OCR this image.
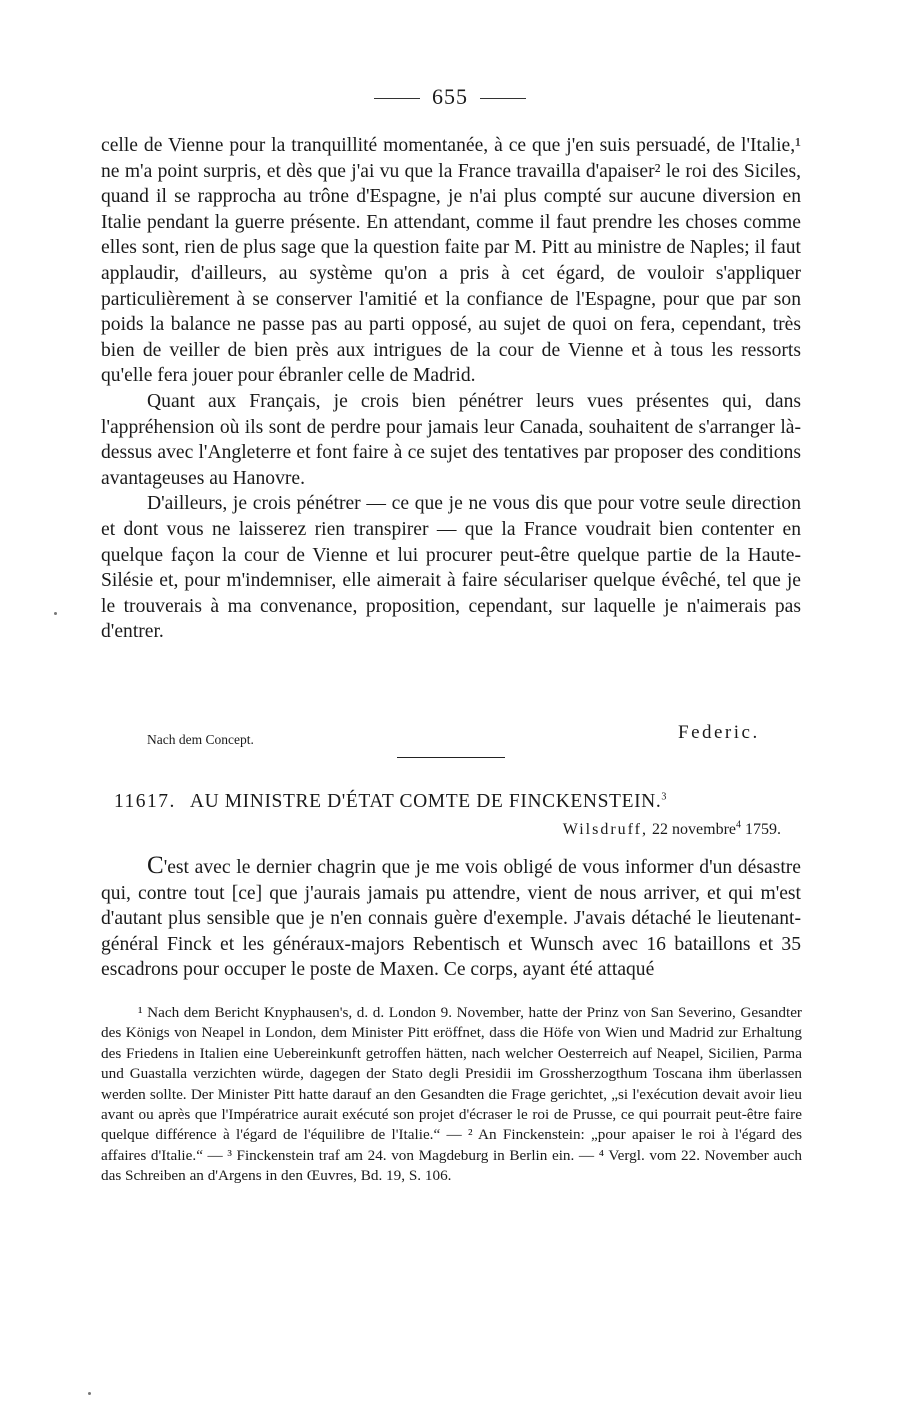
655

celle de Vienne pour la tranquillité momentanée, à ce que j'en suis persuadé, de l'Italie,¹ ne m'a point surpris, et dès que j'ai vu que la France travailla d'apaiser² le roi des Siciles, quand il se rapprocha au trône d'Espagne, je n'ai plus compté sur aucune diversion en Italie pendant la guerre présente. En attendant, comme il faut prendre les choses comme elles sont, rien de plus sage que la question faite par M. Pitt au ministre de Naples; il faut applaudir, d'ailleurs, au système qu'on a pris à cet égard, de vouloir s'appliquer particulièrement à se conserver l'amitié et la confiance de l'Espagne, pour que par son poids la balance ne passe pas au parti opposé, au sujet de quoi on fera, cependant, très bien de veiller de bien près aux intrigues de la cour de Vienne et à tous les ressorts qu'elle fera jouer pour ébranler celle de Madrid.

Quant aux Français, je crois bien pénétrer leurs vues présentes qui, dans l'appréhension où ils sont de perdre pour jamais leur Canada, souhaitent de s'arranger là-dessus avec l'Angleterre et font faire à ce sujet des tentatives par proposer des conditions avantageuses au Hanovre.

D'ailleurs, je crois pénétrer — ce que je ne vous dis que pour votre seule direction et dont vous ne laisserez rien transpirer — que la France voudrait bien contenter en quelque façon la cour de Vienne et lui procurer peut-être quelque partie de la Haute-Silésie et, pour m'indemniser, elle aimerait à faire séculariser quelque évêché, tel que je le trouverais à ma convenance, proposition, cependant, sur laquelle je n'aimerais pas d'entrer.

Nach dem Concept.	Federic.
11617. AU MINISTRE D'ÉTAT COMTE DE FINCKENSTEIN.$^3$
Wilsdruff, 22 novembre$^4$ 1759.

C'est avec le dernier chagrin que je me vois obligé de vous informer d'un désastre qui, contre tout [ce] que j'aurais jamais pu attendre, vient de nous arriver, et qui m'est d'autant plus sensible que je n'en connais guère d'exemple. J'avais détaché le lieutenant-général Finck et les généraux-majors Rebentisch et Wunsch avec 16 bataillons et 35 escadrons pour occuper le poste de Maxen. Ce corps, ayant été attaqué

¹ Nach dem Bericht Knyphausen's, d. d. London 9. November, hatte der Prinz von San Severino, Gesandter des Königs von Neapel in London, dem Minister Pitt eröffnet, dass die Höfe von Wien und Madrid zur Erhaltung des Friedens in Italien eine Uebereinkunft getroffen hätten, nach welcher Oesterreich auf Neapel, Sicilien, Parma und Guastalla verzichten würde, dagegen der Stato degli Presidii im Grossherzogthum Toscana ihm überlassen werden sollte. Der Minister Pitt hatte darauf an den Gesandten die Frage gerichtet, „si l'exécution devait avoir lieu avant ou après que l'Impératrice aurait exécuté son projet d'écraser le roi de Prusse, ce qui pourrait peut-être faire quelque différence à l'égard de l'équilibre de l'Italie.“ — ² An Finckenstein: „pour apaiser le roi à l'égard des affaires d'Italie.“ — ³ Finckenstein traf am 24. von Magdeburg in Berlin ein. — ⁴ Vergl. vom 22. November auch das Schreiben an d'Argens in den Œuvres, Bd. 19, S. 106.
